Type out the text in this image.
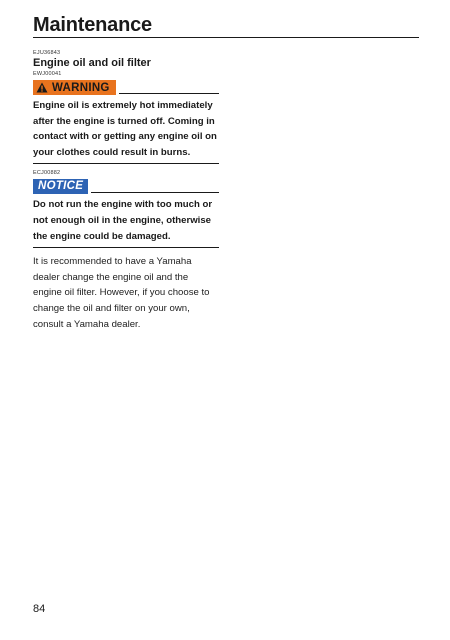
Maintenance
EJU36843
Engine oil and oil filter
EWJ00041
WARNING
Engine oil is extremely hot immediately after the engine is turned off. Coming in contact with or getting any engine oil on your clothes could result in burns.
ECJ00882
NOTICE
Do not run the engine with too much or not enough oil in the engine, otherwise the engine could be damaged.
It is recommended to have a Yamaha dealer change the engine oil and the engine oil filter. However, if you choose to change the oil and filter on your own, consult a Yamaha dealer.
84
